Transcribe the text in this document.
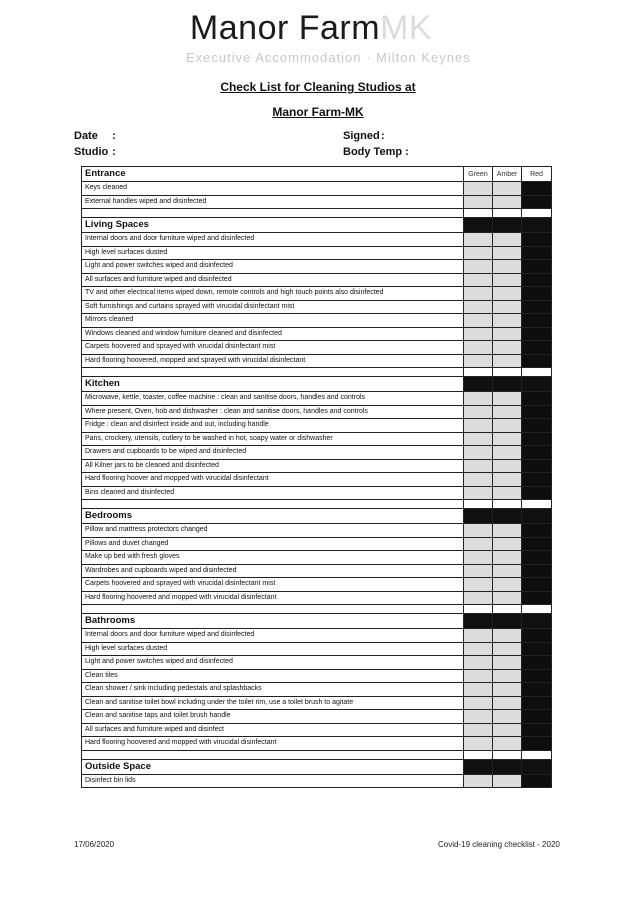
Manor FarmMK
Executive Accommodation · Milton Keynes
Check List for Cleaning Studios at
Manor Farm-MK
Date :
Studio :
Signed :
Body Temp :
Entrance	Green	Amber	Red
Keys cleaned			
External handles wiped and disinfected			

Living Spaces			
Internal doors and door furniture wiped and disinfected			
High level surfaces dusted			
Light and power switches wiped and disinfected			
All surfaces and furniture wiped and disinfected			
TV and other electrical items wiped down, remote controls and high touch points also disinfected			
Soft furnishings and curtains sprayed with virucidal disinfectant mist			
Mirrors cleaned			
Windows cleaned and window furniture cleaned and disinfected			
Carpets hoovered and sprayed with virucidal disinfectant mist			
Hard flooring hoovered, mopped and sprayed with virucidal disinfectant			

Kitchen			
Microwave, kettle, toaster, coffee machine : clean and sanitise doors, handles and controls			
Where present, Oven, hob and dishwasher : clean and sanitise doors, handles and controls			
Fridge : clean and disinfect inside and out, including handle			
Pans, crockery, utensils, cutlery to be washed in hot, soapy water or dishwasher			
Drawers and cupboards to be wiped and disinfected			
All Kilner jars to be cleaned and disinfected			
Hard flooring hoover and mopped with virucidal disinfectant			
Bins cleaned and disinfected			

Bedrooms			
Pillow and mattress protectors changed			
Pillows and duvet changed			
Make up bed with fresh gloves			
Wardrobes and cupboards wiped and disinfected			
Carpets hoovered and sprayed with virucidal disinfectant mist			
Hard flooring hoovered and mopped with virucidal disinfectant			

Bathrooms			
Internal doors and door furniture wiped and disinfected			
High level surfaces dusted			
Light and power switches wiped and disinfected			
Clean tiles			
Clean shower / sink including pedestals and splashbacks			
Clean and sanitise toilet bowl including under the toilet rim, use a toilet brush to agitate			
Clean and sanitise taps and toilet brush handle			
All surfaces and furniture wiped and disinfect			
Hard flooring hoovered and mopped with virucidal disinfectant			

Outside Space			
Disinfect bin lids			
17/06/2020	Covid-19 cleaning checklist - 2020
